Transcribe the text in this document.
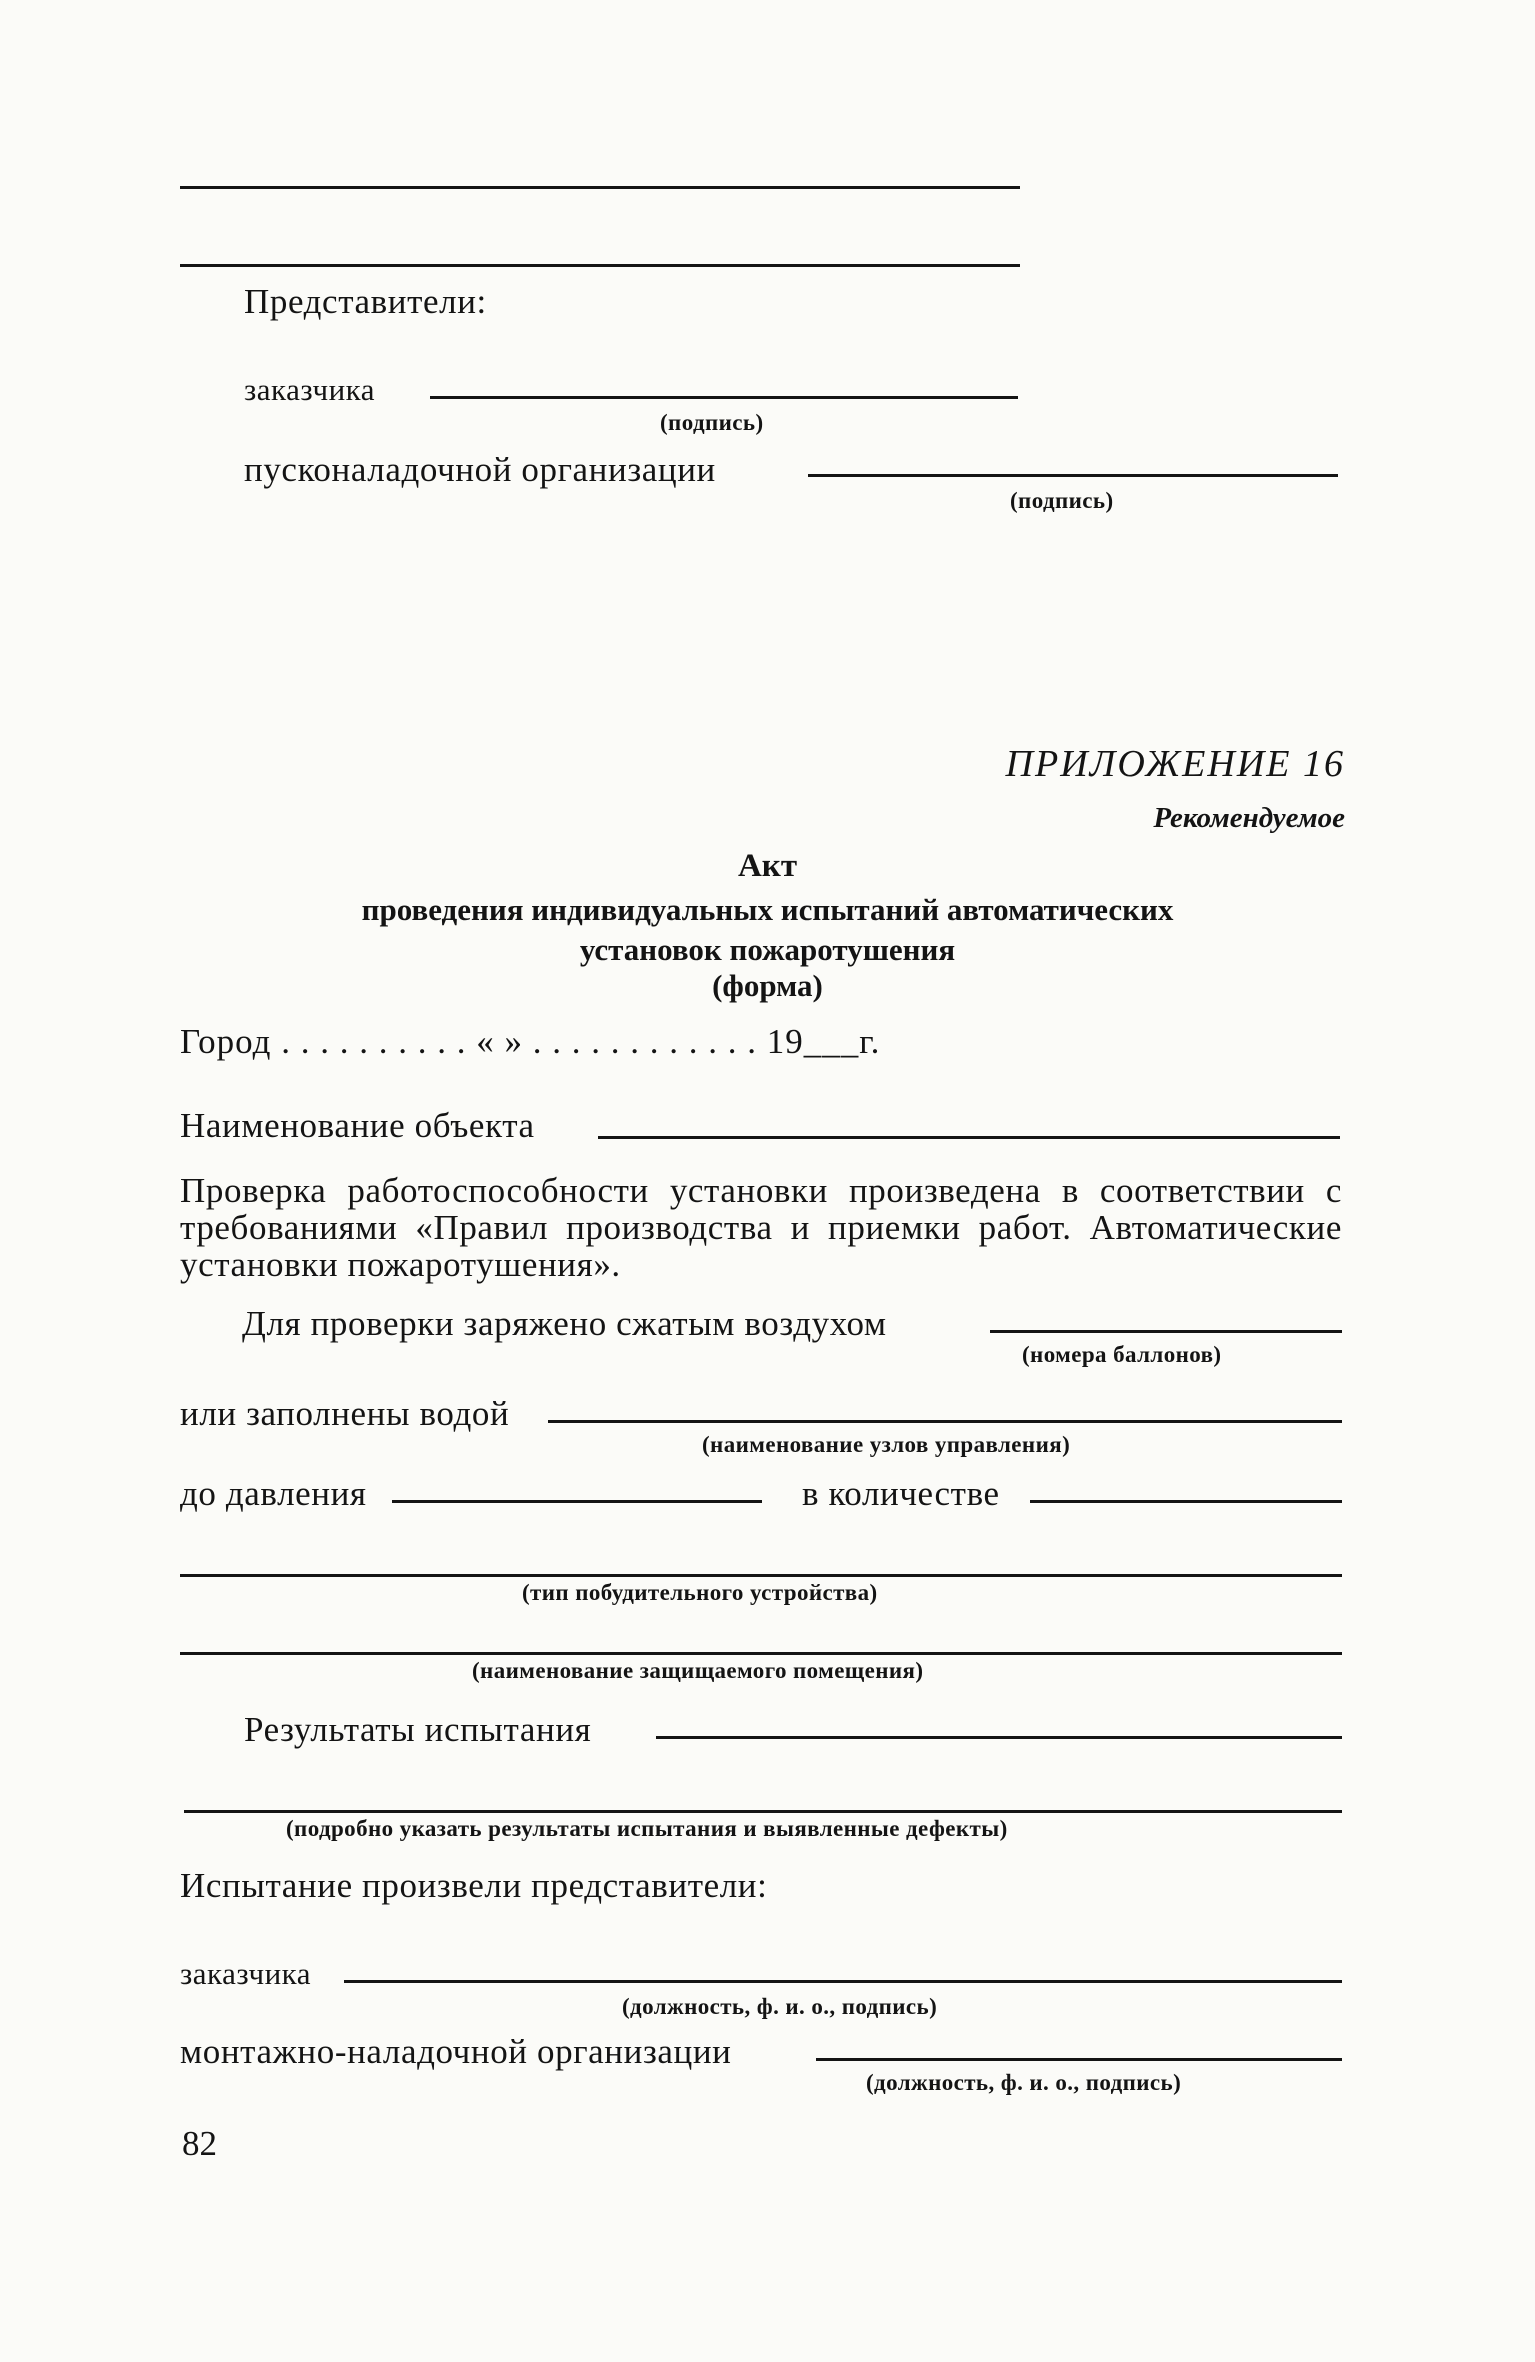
Представители:
заказчика
(подпись)
пусконаладочной организации
(подпись)
ПРИЛОЖЕНИЕ 16
Рекомендуемое
Акт
проведения индивидуальных испытаний автоматических
установок пожаротушения
(форма)
Город . . . . . . . . . . « » . . . . . . . . . . . . 19___г.
Наименование объекта
Проверка работоспособности установки произведена в соответствии с требованиями «Правил производства и приемки работ. Автоматические установки пожаротушения».
Для проверки заряжено сжатым воздухом
(номера баллонов)
или заполнены водой
(наименование узлов управления)
до давления	в количестве
(тип побудительного устройства)
(наименование защищаемого помещения)
Результаты испытания
(подробно указать результаты испытания и выявленные дефекты)
Испытание произвели представители:
заказчика
(должность, ф. и. о., подпись)
монтажно-наладочной организации
(должность, ф. и. о., подпись)
82
